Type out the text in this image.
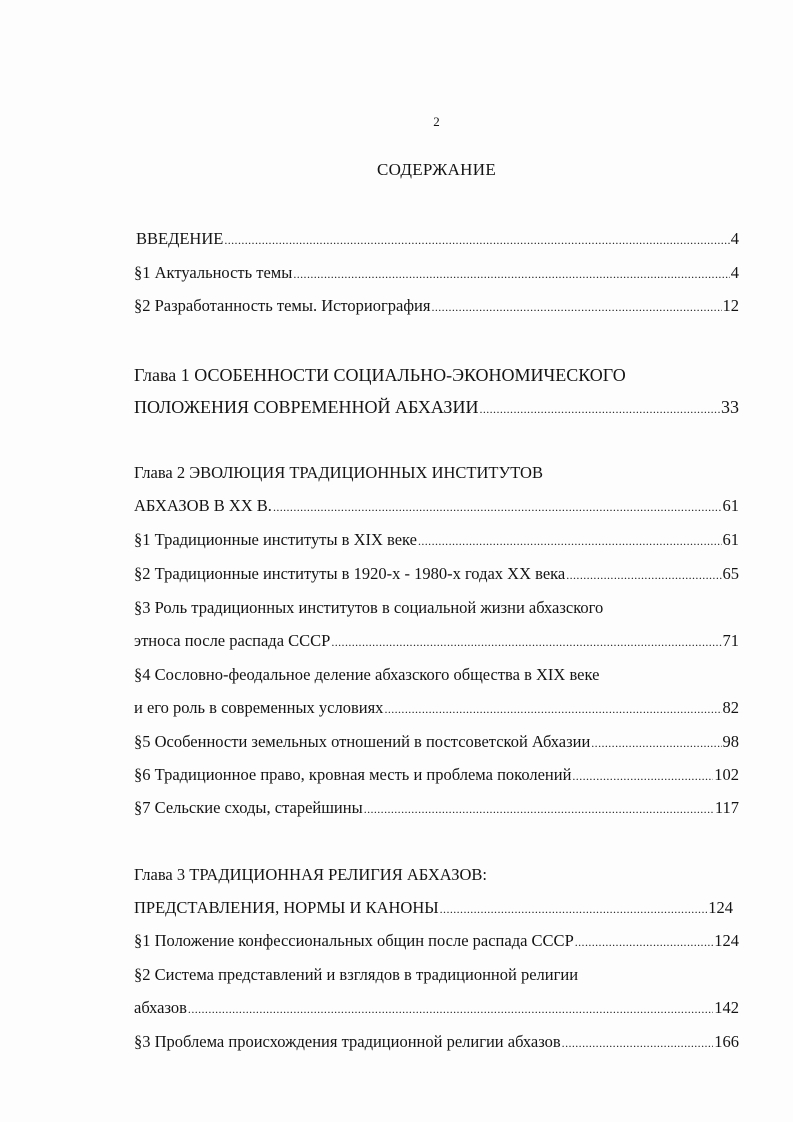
2
СОДЕРЖАНИЕ
ВВЕДЕНИЕ .....	4
§1 Актуальность темы .....	4
§2 Разработанность темы. Историография .....	12
Глава 1 ОСОБЕННОСТИ СОЦИАЛЬНО-ЭКОНОМИЧЕСКОГО
ПОЛОЖЕНИЯ СОВРЕМЕННОЙ АБХАЗИИ .....	33
Глава 2 ЭВОЛЮЦИЯ ТРАДИЦИОННЫХ ИНСТИТУТОВ
АБХАЗОВ В XX В. .....	61
§1 Традиционные институты в XIX веке .....	61
§2 Традиционные институты в 1920-х - 1980-х годах XX века .....	65
§3 Роль традиционных институтов в социальной жизни абхазского
этноса после распада СССР .....	71
§4 Сословно-феодальное деление абхазского общества в XIX веке
и его роль в современных условиях .....	82
§5 Особенности земельных отношений в постсоветской Абхазии .....	98
§6 Традиционное право, кровная месть и проблема поколений .....	102
§7 Сельские сходы, старейшины .....	117
Глава 3 ТРАДИЦИОННАЯ РЕЛИГИЯ АБХАЗОВ:
ПРЕДСТАВЛЕНИЯ, НОРМЫ И КАНОНЫ .....	124
§1 Положение конфессиональных общин после распада СССР .....	124
§2 Система представлений и взглядов в традиционной религии
абхазов .....	142
§3 Проблема происхождения традиционной религии абхазов .....	166
